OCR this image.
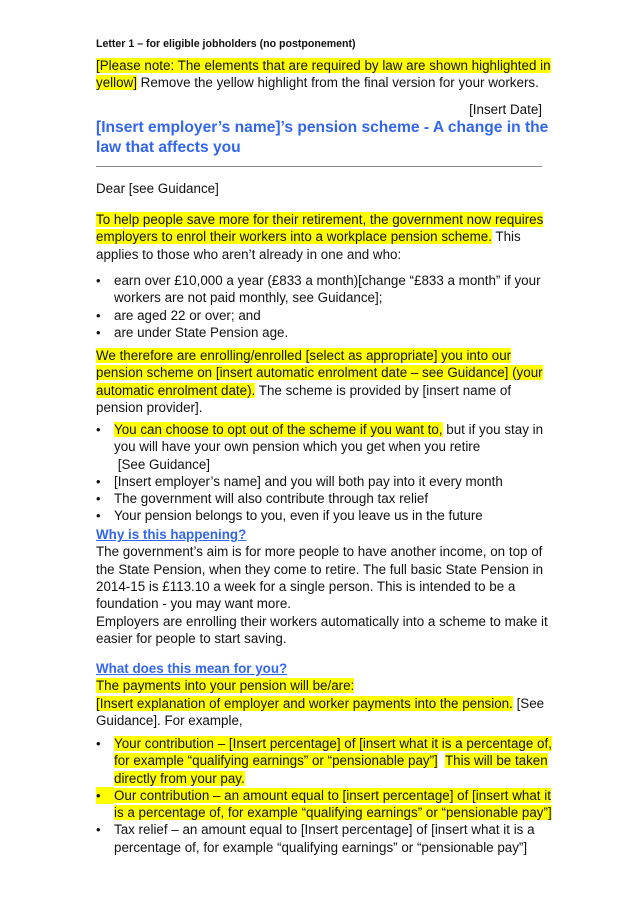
Letter 1 – for eligible jobholders (no postponement)
[Please note: The elements that are required by law are shown highlighted in
yellow] Remove the yellow highlight from the final version for your workers.
[Insert Date]
[Insert employer’s name]’s pension scheme - A change in the
law that affects you
Dear [see Guidance]
To help people save more for their retirement, the government now requires
employers to enrol their workers into a workplace pension scheme. This
applies to those who aren’t already in one and who:
•
earn over £10,000 a year (£833 a month)[change “£833 a month” if your
workers are not paid monthly, see Guidance];
•
are aged 22 or over; and
•
are under State Pension age.
We therefore are enrolling/enrolled [select as appropriate] you into our
pension scheme on [insert automatic enrolment date – see Guidance] (your
automatic enrolment date). The scheme is provided by [insert name of
pension provider].
•
You can choose to opt out of the scheme if you want to, but if you stay in
you will have your own pension which you get when you retire
[See Guidance]
•
[Insert employer’s name] and you will both pay into it every month
•
The government will also contribute through tax relief
•
Your pension belongs to you, even if you leave us in the future
Why is this happening?
The government’s aim is for more people to have another income, on top of
the State Pension, when they come to retire. The full basic State Pension in
2014-15 is £113.10 a week for a single person. This is intended to be a
foundation - you may want more.
Employers are enrolling their workers automatically into a scheme to make it
easier for people to start saving.
What does this mean for you?
The payments into your pension will be/are:
[Insert explanation of employer and worker payments into the pension. [See
Guidance]. For example,
•
Your contribution – [Insert percentage] of [insert what it is a percentage of,
for example “qualifying earnings” or “pensionable pay”] This will be taken
directly from your pay.
•
Our contribution – an amount equal to [insert percentage] of [insert what it
is a percentage of, for example “qualifying earnings” or “pensionable pay”]
•
Tax relief – an amount equal to [Insert percentage] of [insert what it is a
percentage of, for example “qualifying earnings” or “pensionable pay”]
